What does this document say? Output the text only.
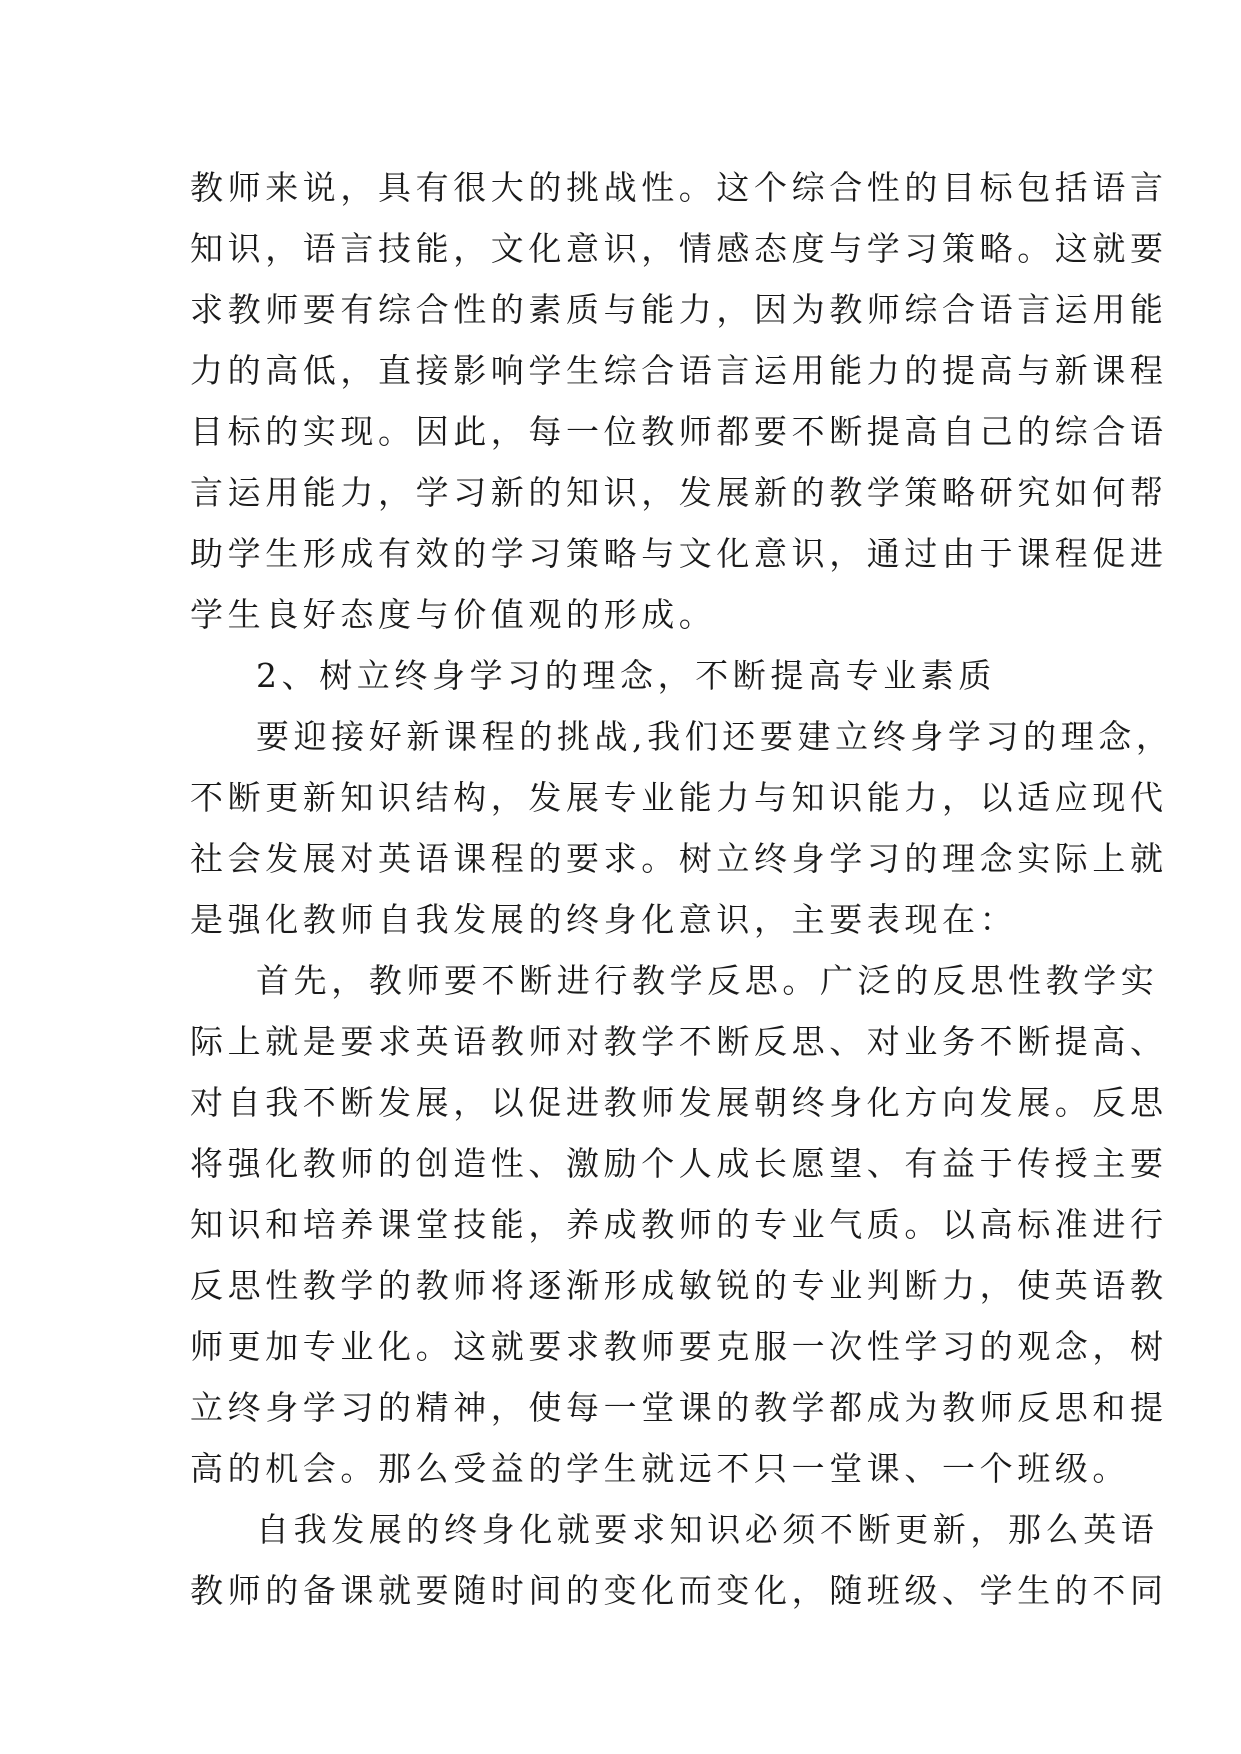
教师来说，具有很大的挑战性。这个综合性的目标包括语言
知识，语言技能，文化意识，情感态度与学习策略。这就要
求教师要有综合性的素质与能力，因为教师综合语言运用能
力的高低，直接影响学生综合语言运用能力的提高与新课程
目标的实现。因此，每一位教师都要不断提高自己的综合语
言运用能力，学习新的知识，发展新的教学策略研究如何帮
助学生形成有效的学习策略与文化意识，通过由于课程促进
学生良好态度与价值观的形成。
2、树立终身学习的理念，不断提高专业素质
要迎接好新课程的挑战,我们还要建立终身学习的理念，
不断更新知识结构，发展专业能力与知识能力，以适应现代
社会发展对英语课程的要求。树立终身学习的理念实际上就
是强化教师自我发展的终身化意识，主要表现在：
首先，教师要不断进行教学反思。广泛的反思性教学实
际上就是要求英语教师对教学不断反思、对业务不断提高、
对自我不断发展，以促进教师发展朝终身化方向发展。反思
将强化教师的创造性、激励个人成长愿望、有益于传授主要
知识和培养课堂技能，养成教师的专业气质。以高标准进行
反思性教学的教师将逐渐形成敏锐的专业判断力，使英语教
师更加专业化。这就要求教师要克服一次性学习的观念，树
立终身学习的精神，使每一堂课的教学都成为教师反思和提
高的机会。那么受益的学生就远不只一堂课、一个班级。
自我发展的终身化就要求知识必须不断更新，那么英语
教师的备课就要随时间的变化而变化，随班级、学生的不同
